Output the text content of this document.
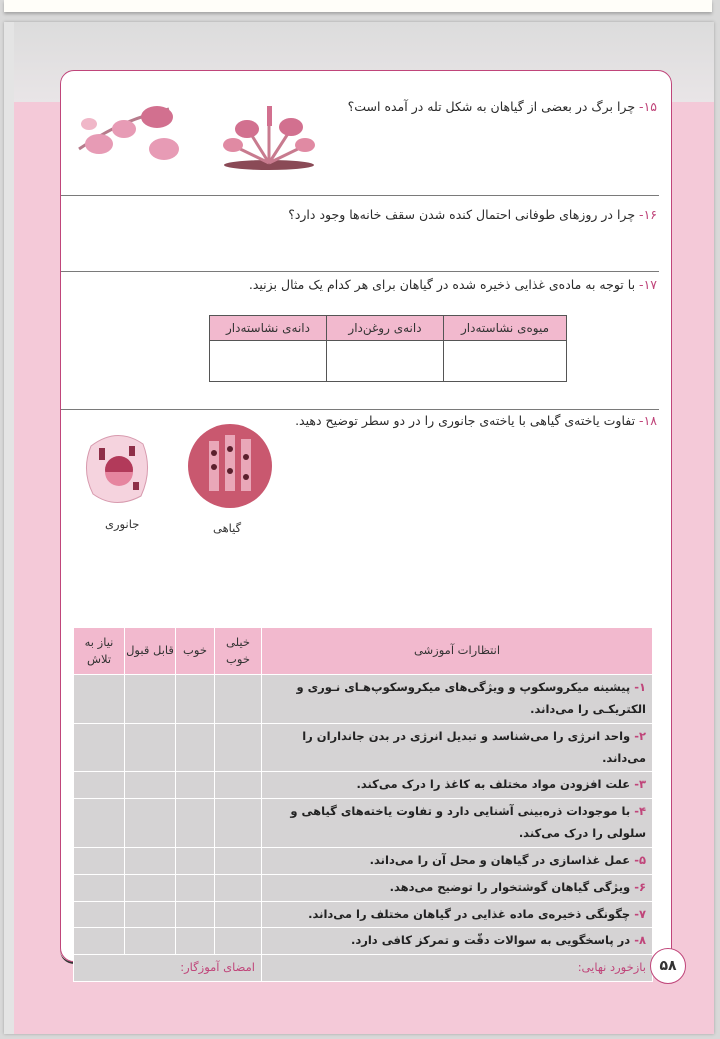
۱۵- چرا برگ در بعضی از گیاهان به شکل تله در آمده است؟
۱۶- چرا در روزهای طوفانی احتمال کنده شدن سقف خانه‌ها وجود دارد؟
۱۷- با توجه به ماده‌ی غذایی ذخیره شده در گیاهان برای هر کدام یک مثال بزنید.
میوه‌ی نشاسته‌دار	دانه‌ی روغن‌دار	دانه‌ی نشاسته‌دار

۱۸- تفاوت یاخته‌ی گیاهی با یاخته‌ی جانوری را در دو سطر توضیح دهید.
جانوری	گیاهی
انتظارات آموزشی	خیلی خوب	خوب	قابل قبول	نیاز به تلاش
۱- پیشینه میکروسکوپ و ویژگی‌های میکروسکوپ‌هـای نـوری و الکتریکـی را می‌داند.				
۲- واحد انرژی را می‌شناسد و تبدیل انرژی در بدن جانداران را می‌داند.				
۳- علت افزودن مواد مختلف به کاغذ را درک می‌کند.				
۴- با موجودات ذره‌بینی آشنایی دارد و تفاوت یاخته‌های گیاهی و سلولی را درک می‌کند.				
۵- عمل غذاسازی در گیاهان و محل آن را می‌داند.				
۶- ویژگی گیاهان گوشتخوار را توضیح می‌دهد.				
۷- چگونگی ذخیره‌ی ماده غذایی در گیاهان مختلف را می‌داند.				
۸- در پاسخگویی به سوالات دقّت و تمرکز کافی دارد.				
بازخورد نهایی:	امضای آموزگار:				۵۸
